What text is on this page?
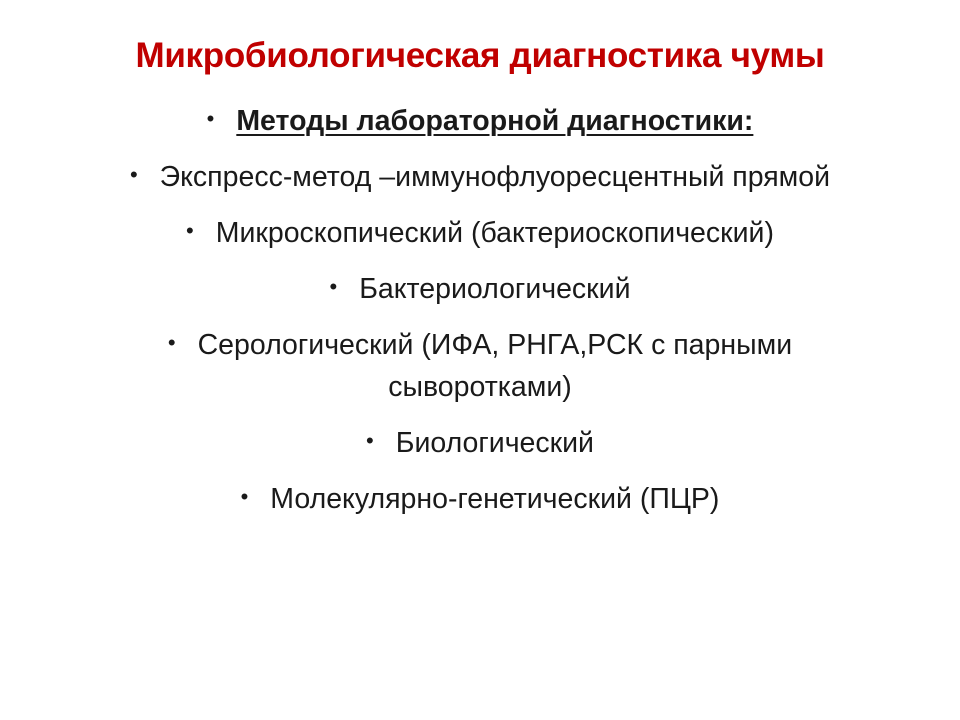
Микробиологическая диагностика чумы
• Методы лабораторной диагностики:
• Экспресс-метод –иммунофлуоресцентный прямой
• Микроскопический (бактериоскопический)
• Бактериологический
• Серологический (ИФА, РНГА,РСК с парными сыворотками)
• Биологический
• Молекулярно-генетический (ПЦР)
